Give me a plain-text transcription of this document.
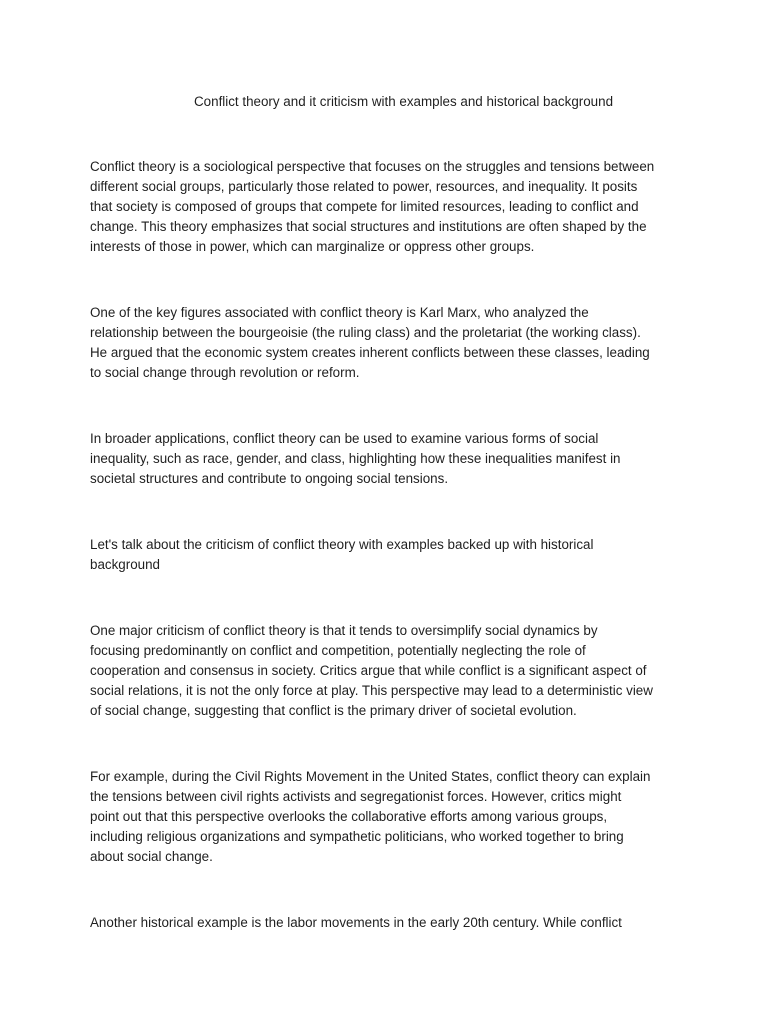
Conflict theory and it criticism with examples and historical background

Conflict theory is a sociological perspective that focuses on the struggles and tensions between
different social groups, particularly those related to power, resources, and inequality. It posits
that society is composed of groups that compete for limited resources, leading to conflict and
change. This theory emphasizes that social structures and institutions are often shaped by the
interests of those in power, which can marginalize or oppress other groups.

One of the key figures associated with conflict theory is Karl Marx, who analyzed the
relationship between the bourgeoisie (the ruling class) and the proletariat (the working class).
He argued that the economic system creates inherent conflicts between these classes, leading
to social change through revolution or reform.

In broader applications, conflict theory can be used to examine various forms of social
inequality, such as race, gender, and class, highlighting how these inequalities manifest in
societal structures and contribute to ongoing social tensions.

Let's talk about the criticism of conflict theory with examples backed up with historical
background

One major criticism of conflict theory is that it tends to oversimplify social dynamics by
focusing predominantly on conflict and competition, potentially neglecting the role of
cooperation and consensus in society. Critics argue that while conflict is a significant aspect of
social relations, it is not the only force at play. This perspective may lead to a deterministic view
of social change, suggesting that conflict is the primary driver of societal evolution.

For example, during the Civil Rights Movement in the United States, conflict theory can explain
the tensions between civil rights activists and segregationist forces. However, critics might
point out that this perspective overlooks the collaborative efforts among various groups,
including religious organizations and sympathetic politicians, who worked together to bring
about social change.

Another historical example is the labor movements in the early 20th century. While conflict
